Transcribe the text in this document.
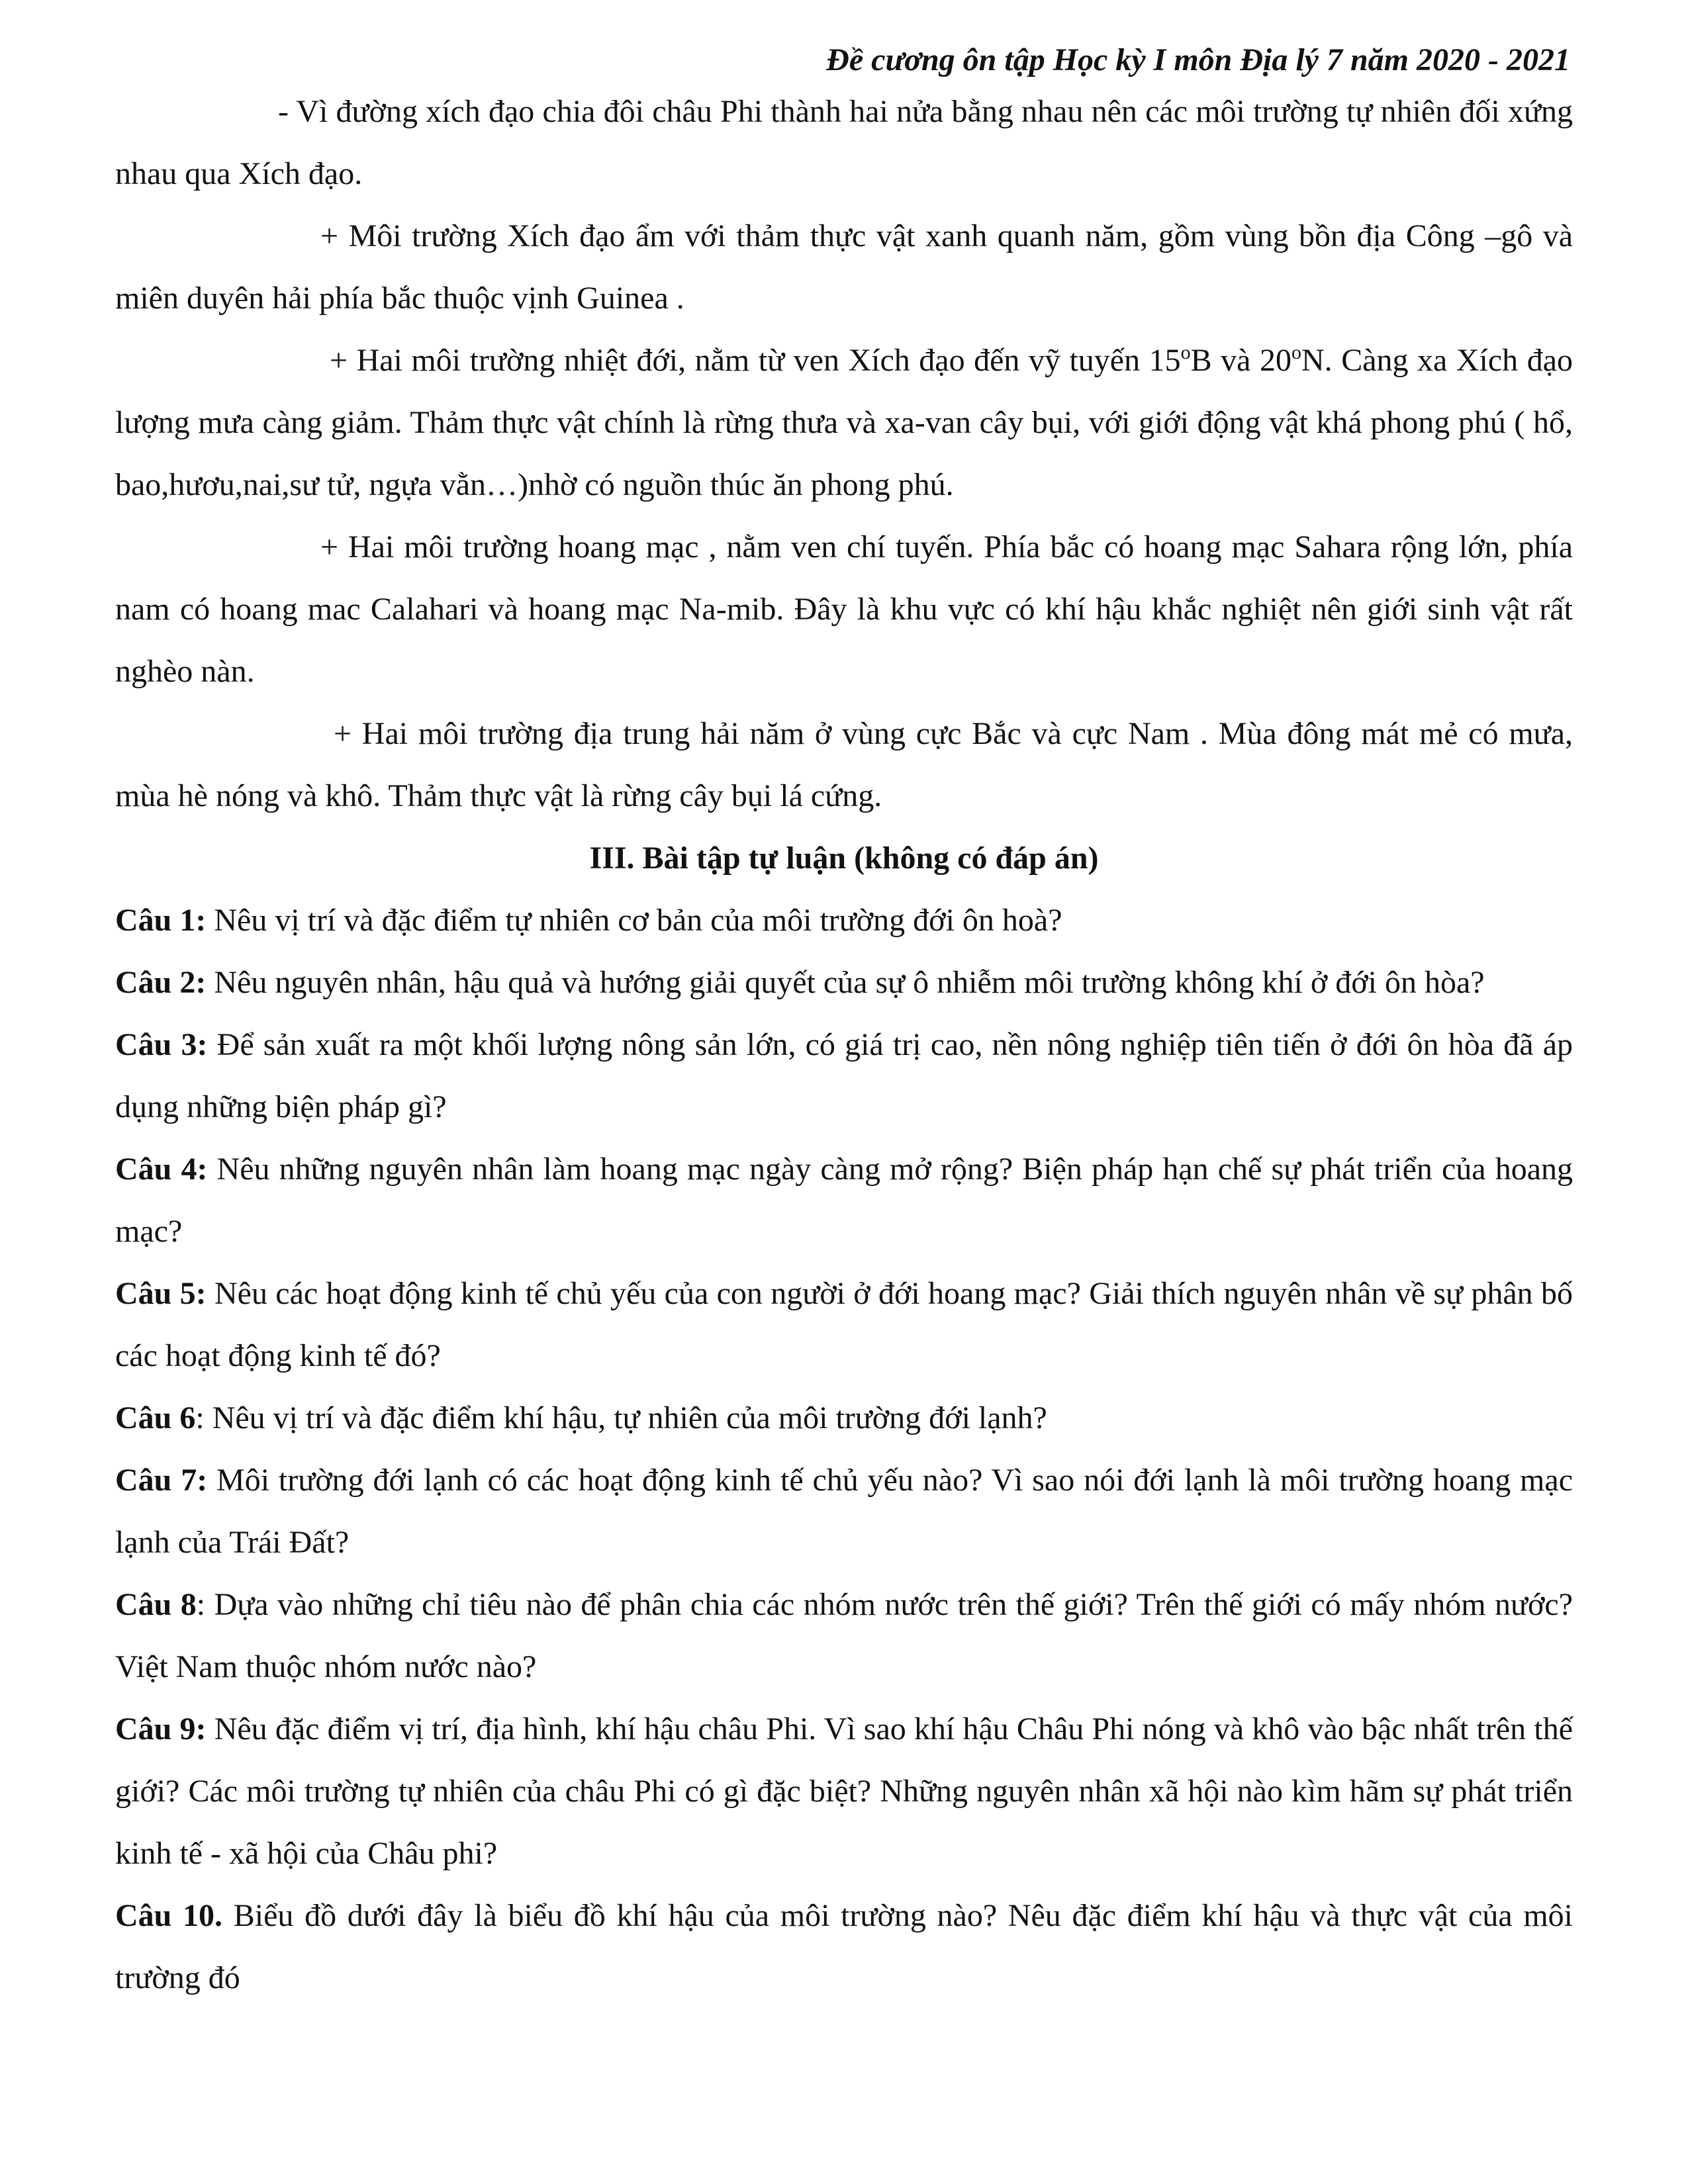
Đề cương ôn tập Học kỳ I môn Địa lý 7 năm 2020 - 2021

- Vì đường xích đạo chia đôi châu Phi thành hai nửa bằng nhau nên các môi trường tự nhiên đối xứng nhau qua Xích đạo.

+ Môi trường Xích đạo ẩm với thảm thực vật xanh quanh năm, gồm vùng bồn địa Công –gô và miên duyên hải phía bắc thuộc vịnh Guinea .

+ Hai môi trường nhiệt đới, nằm từ ven Xích đạo đến vỹ tuyến 15$^o$B và 20$^o$N. Càng xa Xích đạo lượng mưa càng giảm. Thảm thực vật chính là rừng thưa và xa-van cây bụi, với giới động vật khá phong phú ( hổ, bao,hươu,nai,sư tử, ngựa vằn…)nhờ có nguồn thúc ăn phong phú.

+ Hai môi trường hoang mạc , nằm ven chí tuyến. Phía bắc có hoang mạc Sahara rộng lớn, phía nam có hoang mac Calahari và hoang mạc Na-mib. Đây là khu vực có khí hậu khắc nghiệt nên giới sinh vật rất nghèo nàn.

+ Hai môi trường địa trung hải năm ở vùng cực Bắc và cực Nam . Mùa đông mát mẻ có mưa, mùa hè nóng và khô. Thảm thực vật là rừng cây bụi lá cứng.

III. Bài tập tự luận (không có đáp án)

Câu 1: Nêu vị trí và đặc điểm tự nhiên cơ bản của môi trường đới ôn hoà?

Câu 2: Nêu nguyên nhân, hậu quả và hướng giải quyết của sự ô nhiễm môi trường không khí ở đới ôn hòa?

Câu 3: Để sản xuất ra một khối lượng nông sản lớn, có giá trị cao, nền nông nghiệp tiên tiến ở đới ôn hòa đã áp dụng những biện pháp gì?

Câu 4: Nêu những nguyên nhân làm hoang mạc ngày càng mở rộng? Biện pháp hạn chế sự phát triển của hoang mạc?

Câu 5: Nêu các hoạt động kinh tế chủ yếu của con người ở đới hoang mạc? Giải thích nguyên nhân về sự phân bố các hoạt động kinh tế đó?

Câu 6: Nêu vị trí và đặc điểm khí hậu, tự nhiên của môi trường đới lạnh?

Câu 7: Môi trường đới lạnh có các hoạt động kinh tế chủ yếu nào? Vì sao nói đới lạnh là môi trường hoang mạc lạnh của Trái Đất?

Câu 8: Dựa vào những chỉ tiêu nào để phân chia các nhóm nước trên thế giới? Trên thế giới có mấy nhóm nước? Việt Nam thuộc nhóm nước nào?

Câu 9: Nêu đặc điểm vị trí, địa hình, khí hậu châu Phi. Vì sao khí hậu Châu Phi nóng và khô vào bậc nhất trên thế giới? Các môi trường tự nhiên của châu Phi có gì đặc biệt? Những nguyên nhân xã hội nào kìm hãm sự phát triển kinh tế - xã hội của Châu phi?

Câu 10. Biểu đồ dưới đây là biểu đồ khí hậu của môi trường nào? Nêu đặc điểm khí hậu và thực vật của môi trường đó
